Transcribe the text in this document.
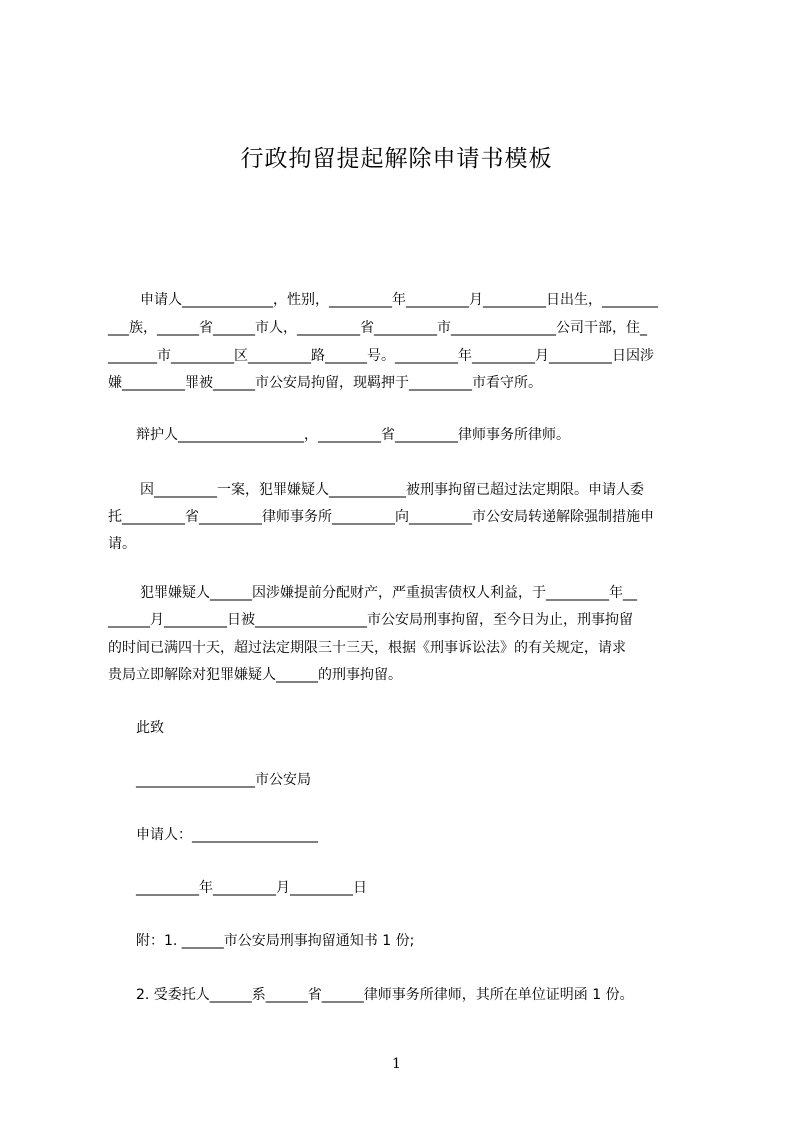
行政拘留提起解除申请书模板
申请人_____________，性别，_________年_________月_________日出生，________
___族，______省______市人，_________省_________市_______________公司干部，住_
_______市_________区_________路______号。_________年_________月_________日因涉
嫌_________罪被______市公安局拘留，现羁押于_________市看守所。
辩护人__________________，_________省_________律师事务所律师。
因_________一案，犯罪嫌疑人___________被刑事拘留已超过法定期限。申请人委
托_________省_________律师事务所_________向_________市公安局转递解除强制措施申
请。
犯罪嫌疑人______因涉嫌提前分配财产，严重损害债权人利益，于_________年__
______月_________日被________________市公安局刑事拘留，至今日为止，刑事拘留
的时间已满四十天，超过法定期限三十三天，根据《刑事诉讼法》的有关规定，请求
贵局立即解除对犯罪嫌疑人______的刑事拘留。
此致
_________________市公安局
申请人：__________________
_________年_________月_________日
附：1. ______市公安局刑事拘留通知书 1 份;
2. 受委托人______系______省______律师事务所律师，其所在单位证明函 1 份。
1
